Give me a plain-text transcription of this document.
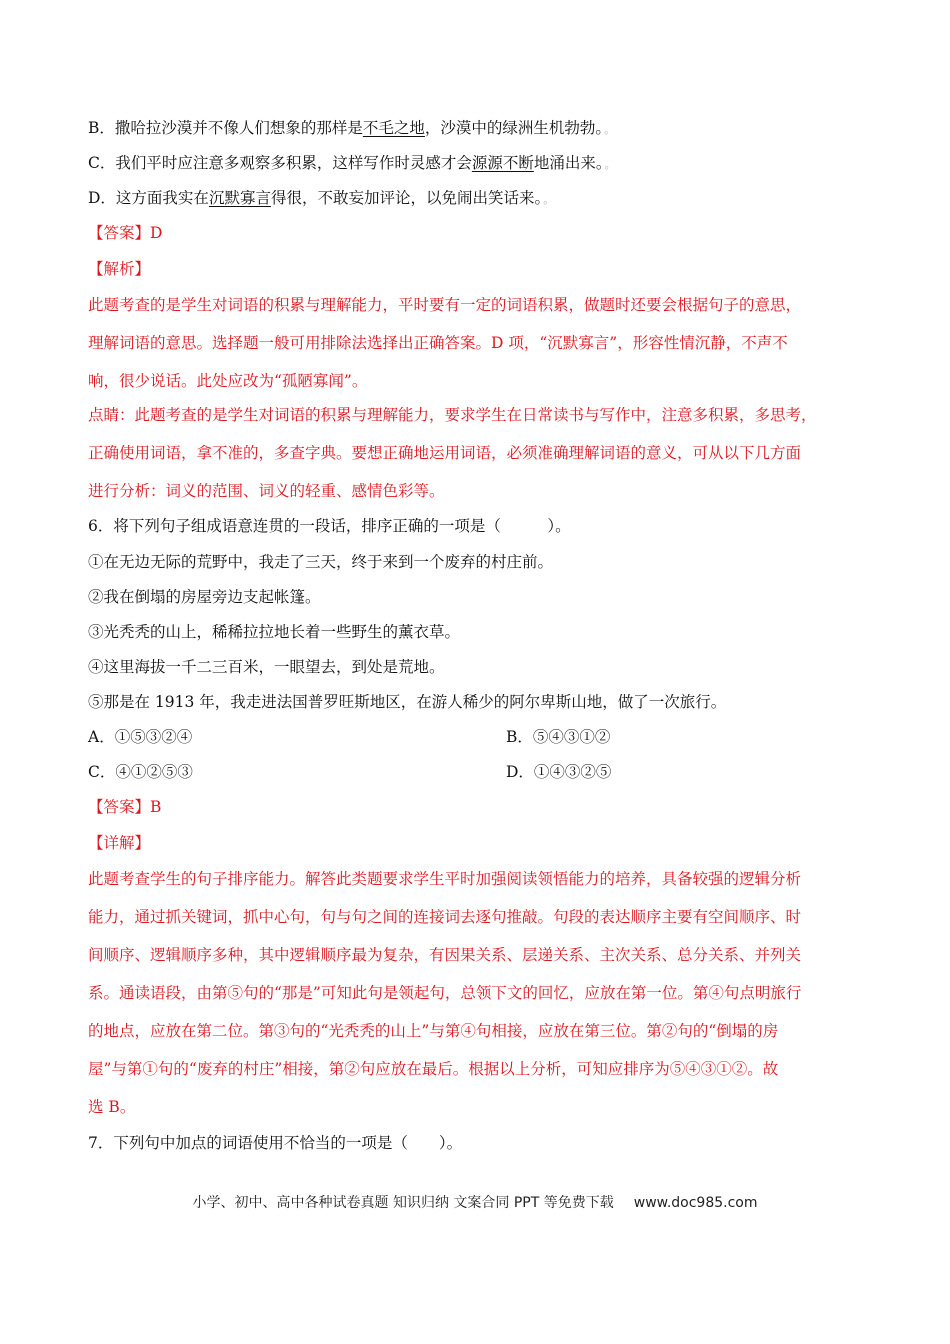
B．撒哈拉沙漠并不像人们想象的那样是不毛之地，沙漠中的绿洲生机勃勃。。
C．我们平时应注意多观察多积累，这样写作时灵感才会源源不断地涌出来。。
D．这方面我实在沉默寡言得很，不敢妄加评论，以免闹出笑话来。。
【答案】D
【解析】
此题考查的是学生对词语的积累与理解能力，平时要有一定的词语积累，做题时还要会根据句子的意思，
理解词语的意思。选择题一般可用排除法选择出正确答案。D 项，“沉默寡言”，形容性情沉静，不声不
响，很少说话。此处应改为“孤陋寡闻”。
点睛：此题考查的是学生对词语的积累与理解能力，要求学生在日常读书与写作中，注意多积累，多思考，
正确使用词语，拿不准的，多查字典。要想正确地运用词语，必须准确理解词语的意义，可从以下几方面
进行分析：词义的范围、词义的轻重、感情色彩等。
6．将下列句子组成语意连贯的一段话，排序正确的一项是（　　　）。
①在无边无际的荒野中，我走了三天，终于来到一个废弃的村庄前。
②我在倒塌的房屋旁边支起帐篷。
③光秃秃的山上，稀稀拉拉地长着一些野生的薰衣草。
④这里海拔一千二三百米，一眼望去，到处是荒地。
⑤那是在 1913 年，我走进法国普罗旺斯地区，在游人稀少的阿尔卑斯山地，做了一次旅行。
A．①⑤③②④	B．⑤④③①②
C．④①②⑤③	D．①④③②⑤
【答案】B
【详解】
此题考查学生的句子排序能力。解答此类题要求学生平时加强阅读领悟能力的培养，具备较强的逻辑分析
能力，通过抓关键词，抓中心句，句与句之间的连接词去逐句推敲。句段的表达顺序主要有空间顺序、时
间顺序、逻辑顺序多种，其中逻辑顺序最为复杂，有因果关系、层递关系、主次关系、总分关系、并列关
系。通读语段，由第⑤句的“那是”可知此句是领起句，总领下文的回忆，应放在第一位。第④句点明旅行
的地点，应放在第二位。第③句的“光秃秃的山上”与第④句相接，应放在第三位。第②句的“倒塌的房
屋”与第①句的“废弃的村庄”相接，第②句应放在最后。根据以上分析，可知应排序为⑤④③①②。故
选 B。
7．下列句中加点的词语使用不恰当的一项是（　　）。
小学、初中、高中各种试卷真题 知识归纳 文案合同 PPT 等免费下载 www.doc985.com
